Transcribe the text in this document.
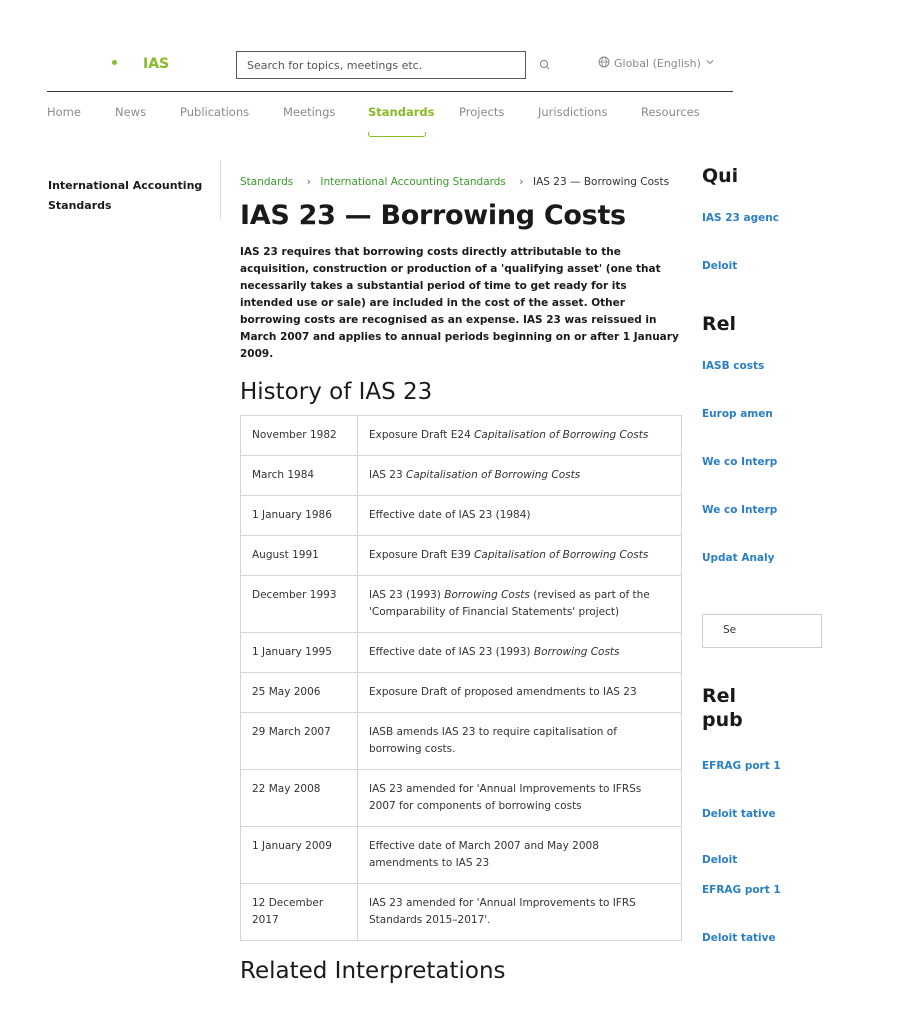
IAS
Search for topics, meetings etc.	Global (English)
Home	News	Publications	Meetings	Standards Projects	Jurisdictions	Resources
International Accounting Standards
Standards › International Accounting Standards › IAS 23 — Borrowing Costs
IAS 23 — Borrowing Costs

IAS 23 requires that borrowing costs directly attributable to the acquisition, construction or production of a 'qualifying asset' (one that necessarily takes a substantial period of time to get ready for its intended use or sale) are included in the cost of the asset. Other borrowing costs are recognised as an expense. IAS 23 was reissued in March 2007 and applies to annual periods beginning on or after 1 January 2009.

History of IAS 23
November 1982	Exposure Draft E24 Capitalisation of Borrowing Costs
March 1984	IAS 23 Capitalisation of Borrowing Costs
1 January 1986	Effective date of IAS 23 (1984)
August 1991	Exposure Draft E39 Capitalisation of Borrowing Costs
December 1993	IAS 23 (1993) Borrowing Costs (revised as part of the 'Comparability of Financial Statements' project)
1 January 1995	Effective date of IAS 23 (1993) Borrowing Costs
25 May 2006	Exposure Draft of proposed amendments to IAS 23
29 March 2007	IASB amends IAS 23 to require capitalisation of borrowing costs.
22 May 2008	IAS 23 amended for 'Annual Improvements to IFRSs 2007 for components of borrowing costs
1 January 2009	Effective date of March 2007 and May 2008 amendments to IAS 23
12 December 2017	IAS 23 amended for 'Annual Improvements to IFRS Standards 2015–2017'.
Related Interpretations
Qui
IAS 23 agenc
Deloit
Rel
IASB costs
Europ amen
We co Interp
We co Interp
Updat Analy
Se
Rel
pub
EFRAG port 1
Deloit tative
Deloit
EFRAG port 1
Deloit tative
